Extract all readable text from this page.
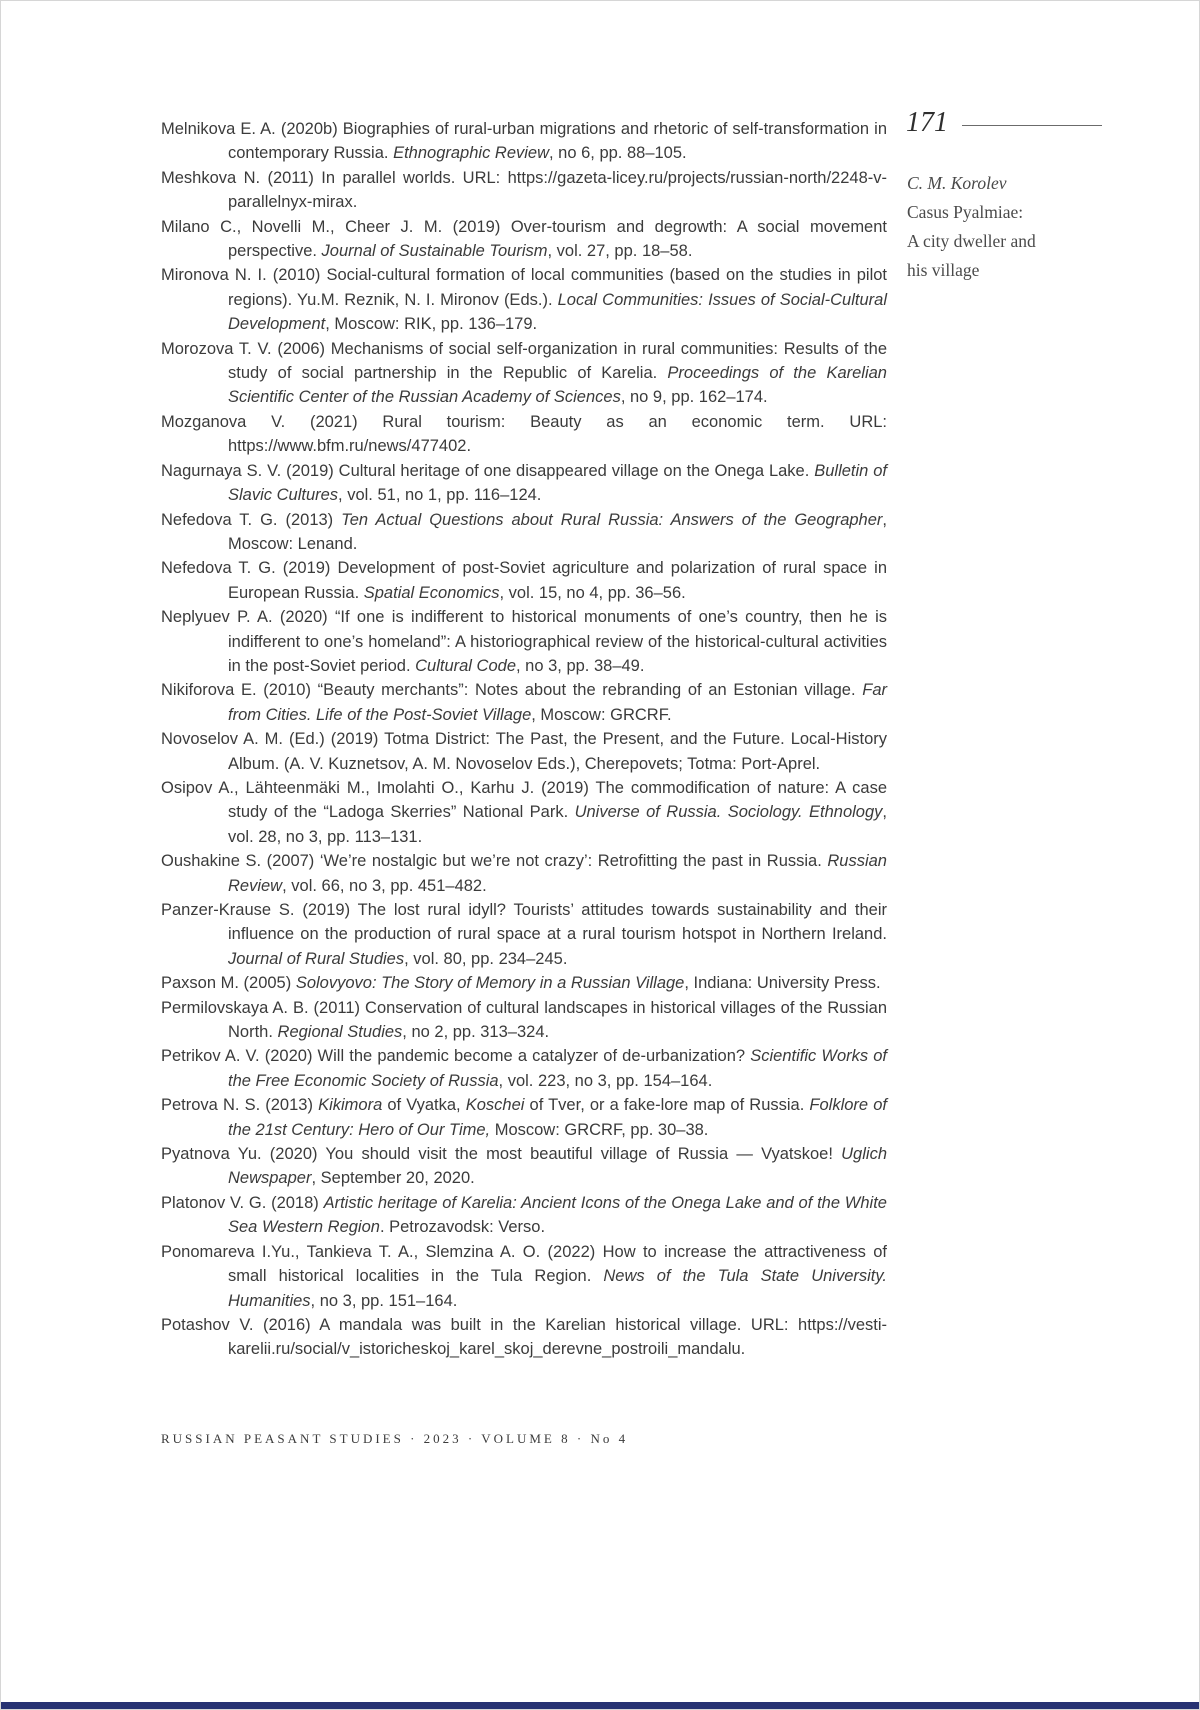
Melnikova E. A. (2020b) Biographies of rural-urban migrations and rhetoric of self-transformation in contemporary Russia. Ethnographic Review, no 6, pp. 88–105.

Meshkova N. (2011) In parallel worlds. URL: https://gazeta-licey.ru/projects/russian-north/2248-v-parallelnyx-mirax.

Milano C., Novelli M., Cheer J. M. (2019) Over-tourism and degrowth: A social movement perspective. Journal of Sustainable Tourism, vol. 27, pp. 18–58.

Mironova N. I. (2010) Social-cultural formation of local communities (based on the studies in pilot regions). Yu.M. Reznik, N. I. Mironov (Eds.). Local Communities: Issues of Social-Cultural Development, Moscow: RIK, pp. 136–179.

Morozova T. V. (2006) Mechanisms of social self-organization in rural communities: Results of the study of social partnership in the Republic of Karelia. Proceedings of the Karelian Scientific Center of the Russian Academy of Sciences, no 9, pp. 162–174.

Mozganova V. (2021) Rural tourism: Beauty as an economic term. URL: https://www.bfm.ru/news/477402.

Nagurnaya S. V. (2019) Cultural heritage of one disappeared village on the Onega Lake. Bulletin of Slavic Cultures, vol. 51, no 1, pp. 116–124.

Nefedova T. G. (2013) Ten Actual Questions about Rural Russia: Answers of the Geographer, Moscow: Lenand.

Nefedova T. G. (2019) Development of post-Soviet agriculture and polarization of rural space in European Russia. Spatial Economics, vol. 15, no 4, pp. 36–56.

Neplyuev P. A. (2020) “If one is indifferent to historical monuments of one’s country, then he is indifferent to one’s homeland”: A historiographical review of the historical-cultural activities in the post-Soviet period. Cultural Code, no 3, pp. 38–49.

Nikiforova E. (2010) “Beauty merchants”: Notes about the rebranding of an Estonian village. Far from Cities. Life of the Post-Soviet Village, Moscow: GRCRF.

Novoselov A. M. (Ed.) (2019) Totma District: The Past, the Present, and the Future. Local-History Album. (A. V. Kuznetsov, A. M. Novoselov Eds.), Cherepovets; Totma: Port-Aprel.

Osipov A., Lähteenmäki M., Imolahti O., Karhu J. (2019) The commodification of nature: A case study of the “Ladoga Skerries” National Park. Universe of Russia. Sociology. Ethnology, vol. 28, no 3, pp. 113–131.

Oushakine S. (2007) ‘We’re nostalgic but we’re not crazy’: Retrofitting the past in Russia. Russian Review, vol. 66, no 3, pp. 451–482.

Panzer-Krause S. (2019) The lost rural idyll? Tourists’ attitudes towards sustainability and their influence on the production of rural space at a rural tourism hotspot in Northern Ireland. Journal of Rural Studies, vol. 80, pp. 234–245.

Paxson M. (2005) Solovyovo: The Story of Memory in a Russian Village, Indiana: University Press.

Permilovskaya A. B. (2011) Conservation of cultural landscapes in historical villages of the Russian North. Regional Studies, no 2, pp. 313–324.

Petrikov A. V. (2020) Will the pandemic become a catalyzer of de-urbanization? Scientific Works of the Free Economic Society of Russia, vol. 223, no 3, pp. 154–164.

Petrova N. S. (2013) Kikimora of Vyatka, Koschei of Tver, or a fake-lore map of Russia. Folklore of the 21st Century: Hero of Our Time, Moscow: GRCRF, pp. 30–38.

Pyatnova Yu. (2020) You should visit the most beautiful village of Russia — Vyatskoe! Uglich Newspaper, September 20, 2020.

Platonov V. G. (2018) Artistic heritage of Karelia: Ancient Icons of the Onega Lake and of the White Sea Western Region. Petrozavodsk: Verso.

Ponomareva I.Yu., Tankieva T. A., Slemzina A. O. (2022) How to increase the attractiveness of small historical localities in the Tula Region. News of the Tula State University. Humanities, no 3, pp. 151–164.

Potashov V. (2016) A mandala was built in the Karelian historical village. URL: https://vesti-karelii.ru/social/v_istoricheskoj_karel_skoj_derevne_postroili_mandalu.

171
C. M. Korolev
Casus Pyalmiae:
A city dweller and
his village
RUSSIAN PEASANT STUDIES · 2023 · VOLUME 8 · No 4
